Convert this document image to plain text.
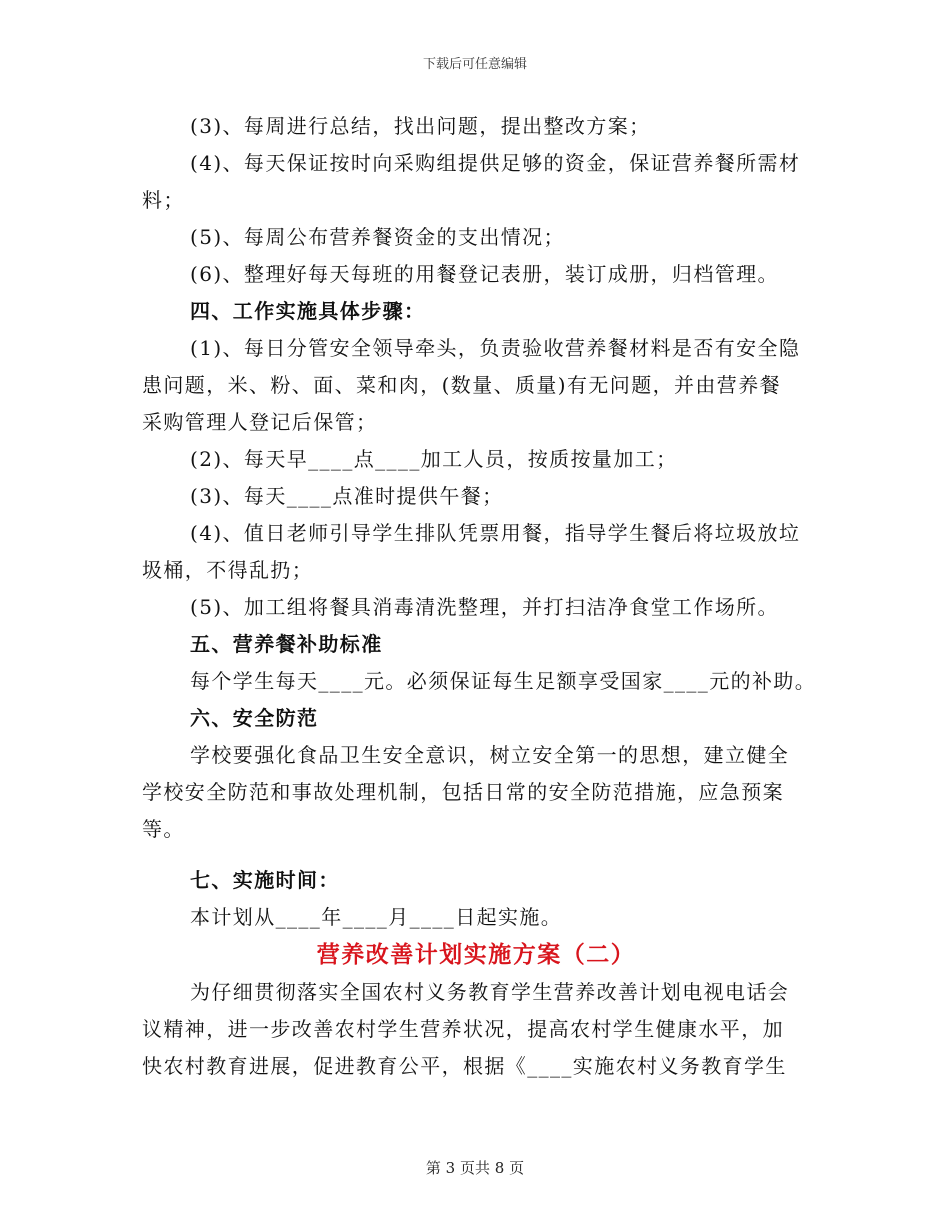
下载后可任意编辑
(3)、每周进行总结，找出问题，提出整改方案；
(4)、每天保证按时向采购组提供足够的资金，保证营养餐所需材
料；
(5)、每周公布营养餐资金的支出情况；
(6)、整理好每天每班的用餐登记表册，装订成册，归档管理。
四、工作实施具体步骤：
(1)、每日分管安全领导牵头，负责验收营养餐材料是否有安全隐
患问题，米、粉、面、菜和肉，(数量、质量)有无问题，并由营养餐
采购管理人登记后保管；
(2)、每天早____点____加工人员，按质按量加工；
(3)、每天____点准时提供午餐；
(4)、值日老师引导学生排队凭票用餐，指导学生餐后将垃圾放垃
圾桶，不得乱扔；
(5)、加工组将餐具消毒清洗整理，并打扫洁净食堂工作场所。
五、营养餐补助标准
每个学生每天____元。必须保证每生足额享受国家____元的补助。
六、安全防范
学校要强化食品卫生安全意识，树立安全第一的思想，建立健全
学校安全防范和事故处理机制，包括日常的安全防范措施，应急预案
等。
七、实施时间：
本计划从____年____月____日起实施。
营养改善计划实施方案（二）
为仔细贯彻落实全国农村义务教育学生营养改善计划电视电话会
议精神，进一步改善农村学生营养状况，提高农村学生健康水平，加
快农村教育进展，促进教育公平，根据《____实施农村义务教育学生
第 3 页共 8 页
